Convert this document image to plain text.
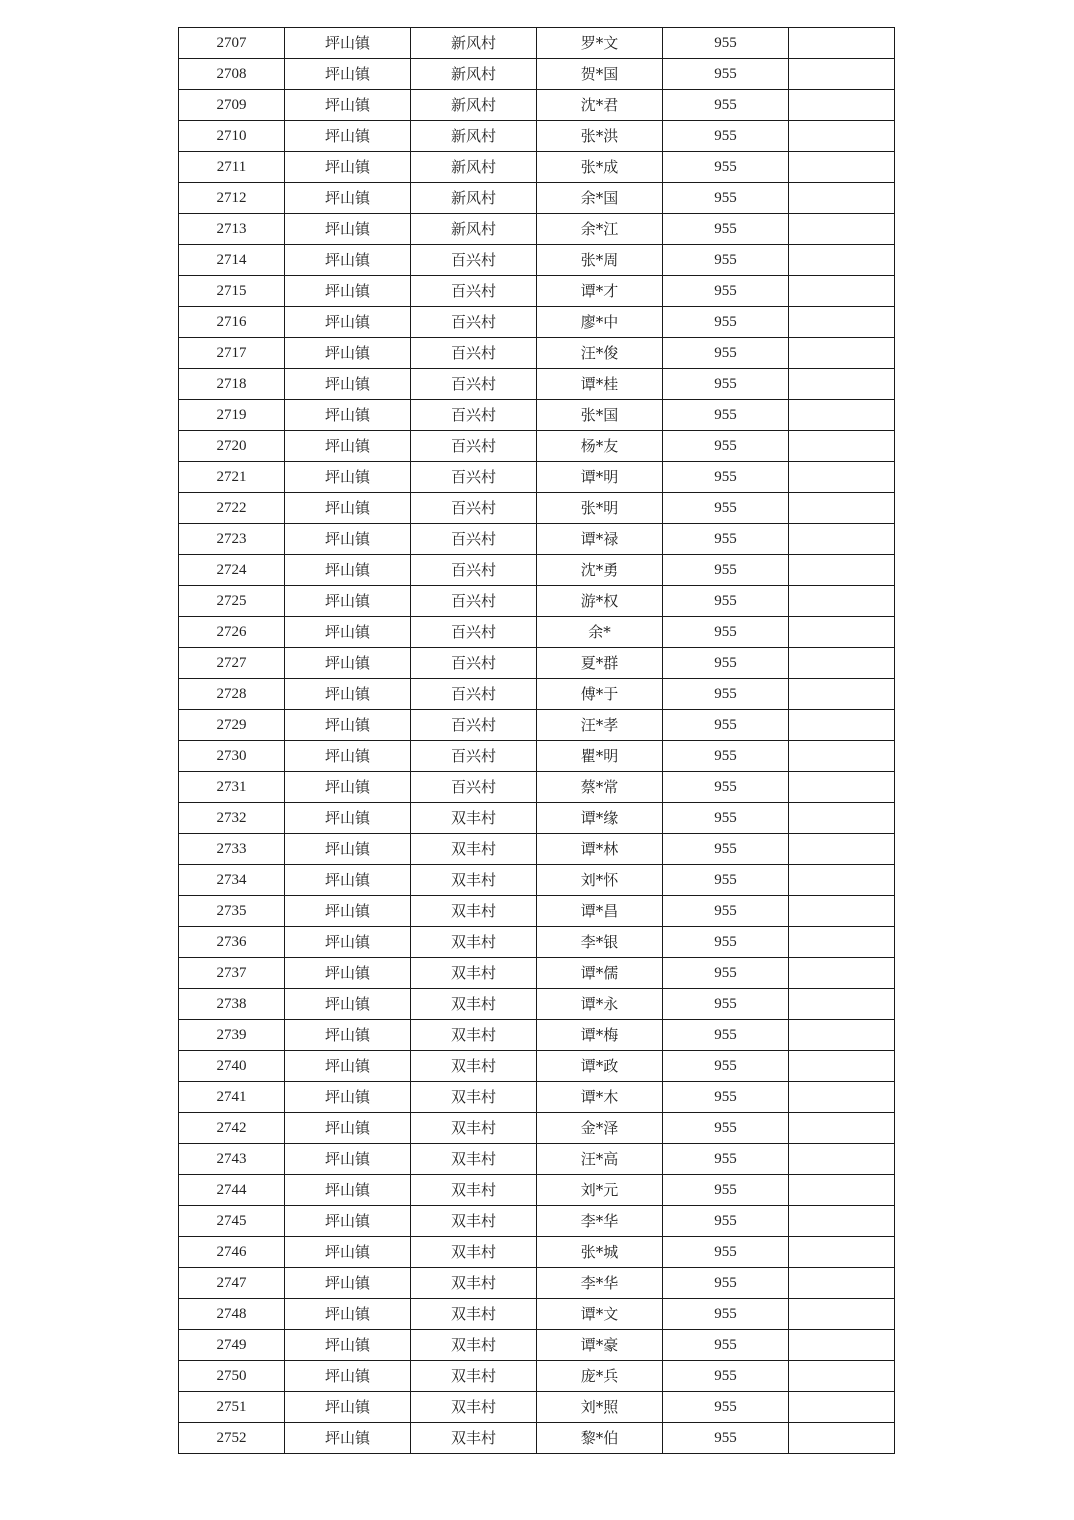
2707	坪山镇	新风村	罗*文	955	
2708	坪山镇	新风村	贺*国	955	
2709	坪山镇	新风村	沈*君	955	
2710	坪山镇	新风村	张*洪	955	
2711	坪山镇	新风村	张*成	955	
2712	坪山镇	新风村	余*国	955	
2713	坪山镇	新风村	余*江	955	
2714	坪山镇	百兴村	张*周	955	
2715	坪山镇	百兴村	谭*才	955	
2716	坪山镇	百兴村	廖*中	955	
2717	坪山镇	百兴村	汪*俊	955	
2718	坪山镇	百兴村	谭*桂	955	
2719	坪山镇	百兴村	张*国	955	
2720	坪山镇	百兴村	杨*友	955	
2721	坪山镇	百兴村	谭*明	955	
2722	坪山镇	百兴村	张*明	955	
2723	坪山镇	百兴村	谭*禄	955	
2724	坪山镇	百兴村	沈*勇	955	
2725	坪山镇	百兴村	游*权	955	
2726	坪山镇	百兴村	余*	955	
2727	坪山镇	百兴村	夏*群	955	
2728	坪山镇	百兴村	傅*于	955	
2729	坪山镇	百兴村	汪*孝	955	
2730	坪山镇	百兴村	瞿*明	955	
2731	坪山镇	百兴村	蔡*常	955	
2732	坪山镇	双丰村	谭*缘	955	
2733	坪山镇	双丰村	谭*林	955	
2734	坪山镇	双丰村	刘*怀	955	
2735	坪山镇	双丰村	谭*昌	955	
2736	坪山镇	双丰村	李*银	955	
2737	坪山镇	双丰村	谭*儒	955	
2738	坪山镇	双丰村	谭*永	955	
2739	坪山镇	双丰村	谭*梅	955	
2740	坪山镇	双丰村	谭*政	955	
2741	坪山镇	双丰村	谭*木	955	
2742	坪山镇	双丰村	金*泽	955	
2743	坪山镇	双丰村	汪*高	955	
2744	坪山镇	双丰村	刘*元	955	
2745	坪山镇	双丰村	李*华	955	
2746	坪山镇	双丰村	张*城	955	
2747	坪山镇	双丰村	李*华	955	
2748	坪山镇	双丰村	谭*文	955	
2749	坪山镇	双丰村	谭*豪	955	
2750	坪山镇	双丰村	庞*兵	955	
2751	坪山镇	双丰村	刘*照	955	
2752	坪山镇	双丰村	黎*伯	955	
